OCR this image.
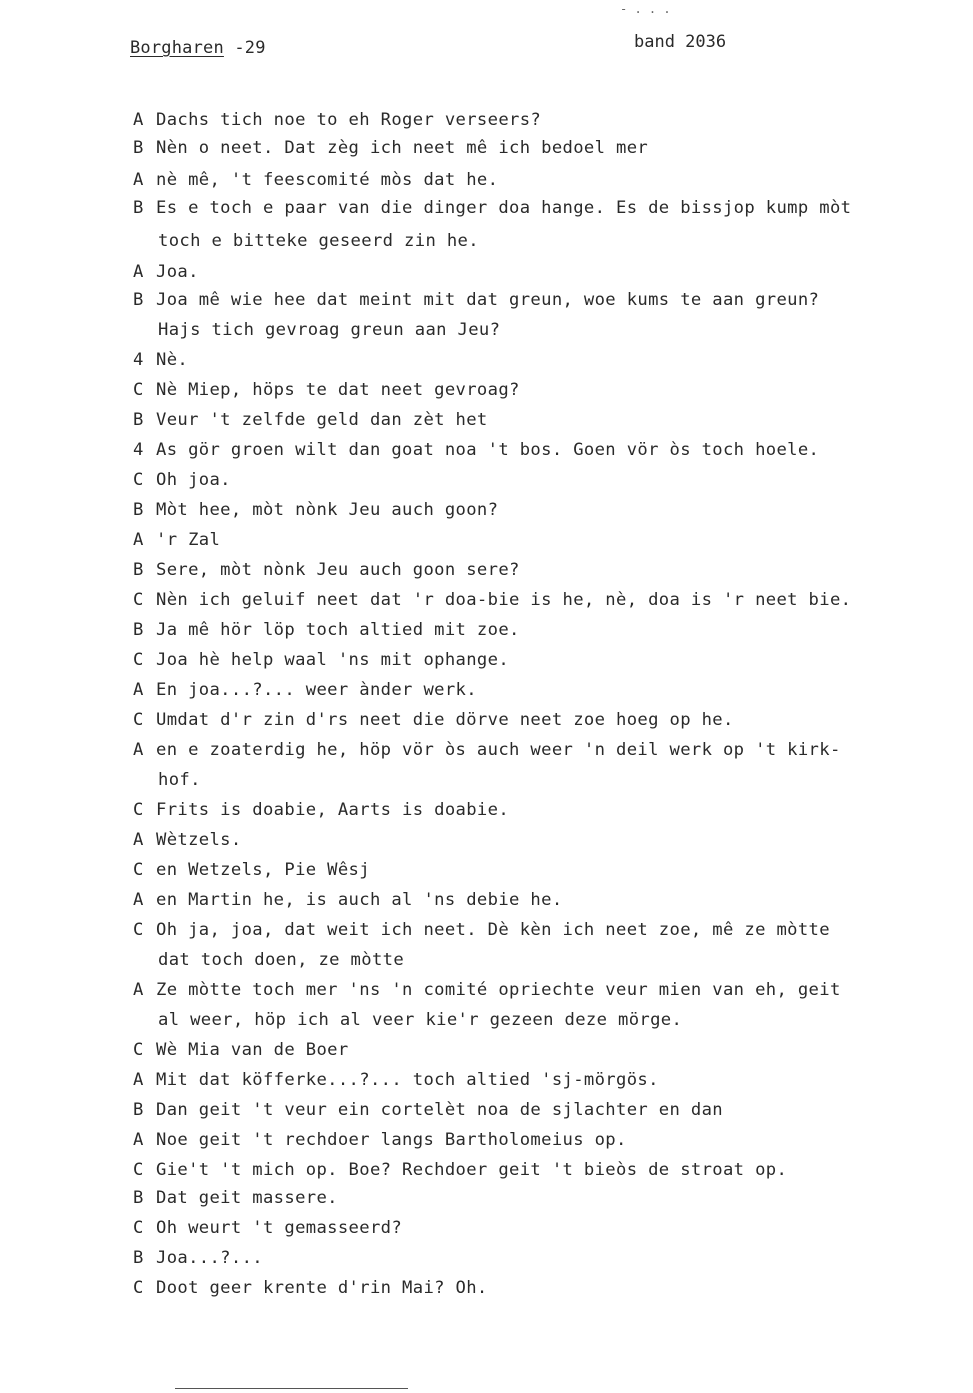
- . . .
Borgharen -29	band 2036
A Dachs tich noe to eh Roger verseers?
B Nèn o neet. Dat zèg ich neet mê ich bedoel mer
A nè mê, 't feescomité mòs dat he.
B Es e toch e paar van die dinger doa hange. Es de bissjop kump mòt
toch e bitteke geseerd zin he.
A Joa.
B Joa mê wie hee dat meint mit dat greun, woe kums te aan greun?
Hajs tich gevroag greun aan Jeu?
4 Nè.
C Nè Miep, höps te dat neet gevroag?
B Veur 't zelfde geld dan zèt het
4 As gör groen wilt dan goat noa 't bos. Goen vör òs toch hoele.
C Oh joa.
B Mòt hee, mòt nònk Jeu auch goon?
A 'r Zal
B Sere, mòt nònk Jeu auch goon sere?
C Nèn ich geluif neet dat 'r doa-bie is he, nè, doa is 'r neet bie.
B Ja mê hör löp toch altied mit zoe.
C Joa hè help waal 'ns mit ophange.
A En joa...?... weer ànder werk.
C Umdat d'r zin d'rs neet die dörve neet zoe hoeg op he.
A en e zoaterdig he, höp vör òs auch weer 'n deil werk op 't kirk-
hof.
C Frits is doabie, Aarts is doabie.
A Wètzels.
C en Wetzels, Pie Wêsj
A en Martin he, is auch al 'ns debie he.
C Oh ja, joa, dat weit ich neet. Dè kèn ich neet zoe, mê ze mòtte
dat toch doen, ze mòtte
A Ze mòtte toch mer 'ns 'n comité opriechte veur mien van eh, geit
al weer, höp ich al veer kie'r gezeen deze mörge.
C Wè Mia van de Boer
A Mit dat köfferke...?... toch altied 'sj-mörgös.
B Dan geit 't veur ein cortelèt noa de sjlachter en dan
A Noe geit 't rechdoer langs Bartholomeius op.
C Gie't 't mich op. Boe? Rechdoer geit 't bieòs de stroat op.
B Dat geit massere.
C Oh weurt 't gemasseerd?
B Joa...?...
C Doot geer krente d'rin Mai? Oh.
